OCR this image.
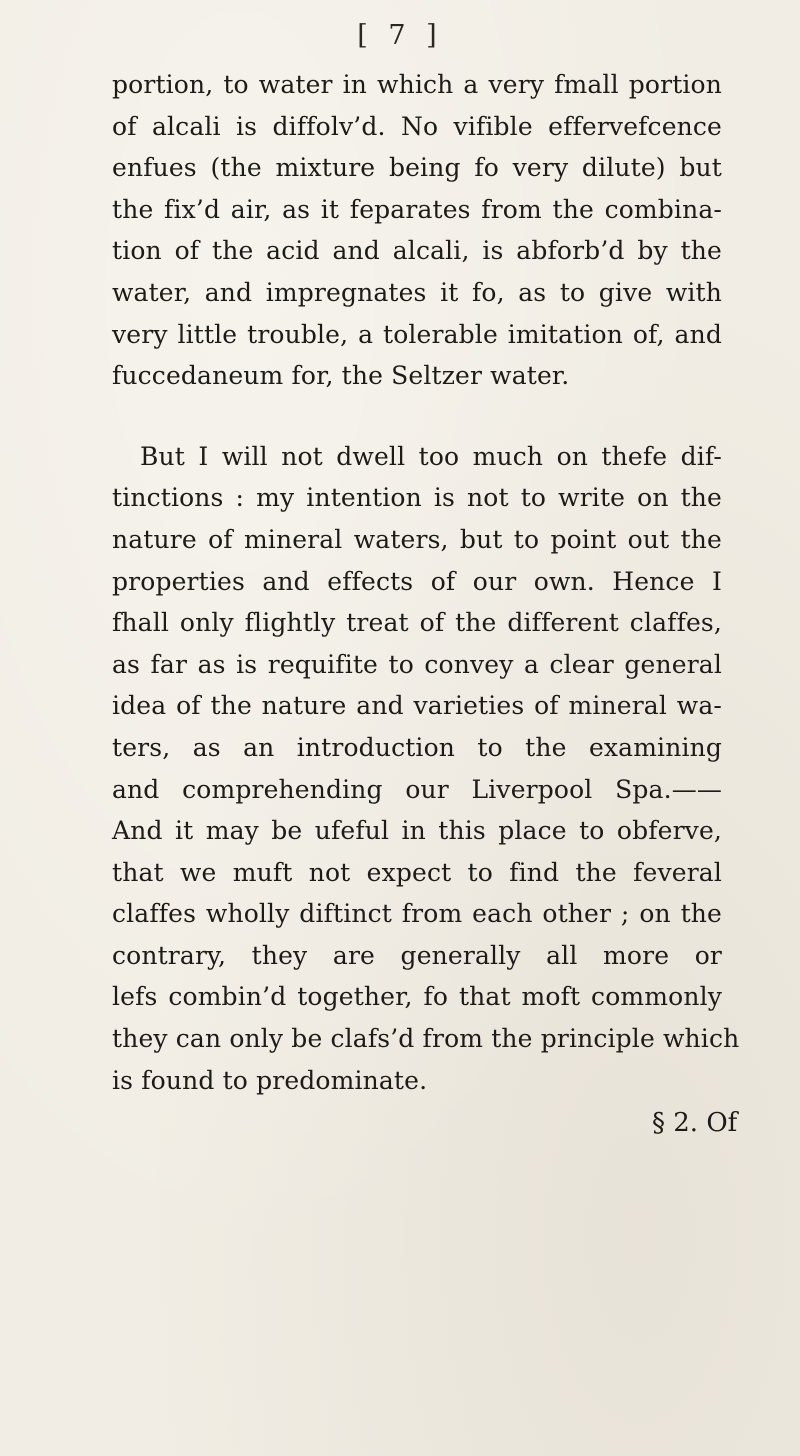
[ 7 ]

portion, to water in which a very fmall portion
of alcali is diffolv’d. No vifible effervefcence
enfues (the mixture being fo very dilute) but
the fix’d air, as it feparates from the combina-
tion of the acid and alcali, is abforb’d by the
water, and impregnates it fo, as to give with
very little trouble, a tolerable imitation of, and
fuccedaneum for, the Seltzer water.
But I will not dwell too much on thefe dif-
tinctions : my intention is not to write on the
nature of mineral waters, but to point out the
properties and effects of our own. Hence I
fhall only flightly treat of the different claffes,
as far as is requifite to convey a clear general
idea of the nature and varieties of mineral wa-
ters, as an introduction to the examining
and comprehending our Liverpool Spa.——
And it may be ufeful in this place to obferve,
that we muft not expect to find the feveral
claffes wholly diftinct from each other ; on the
contrary, they are generally all more or
lefs combin’d together, fo that moft commonly
they can only be clafs’d from the principle which
is found to predominate.

§ 2. Of
